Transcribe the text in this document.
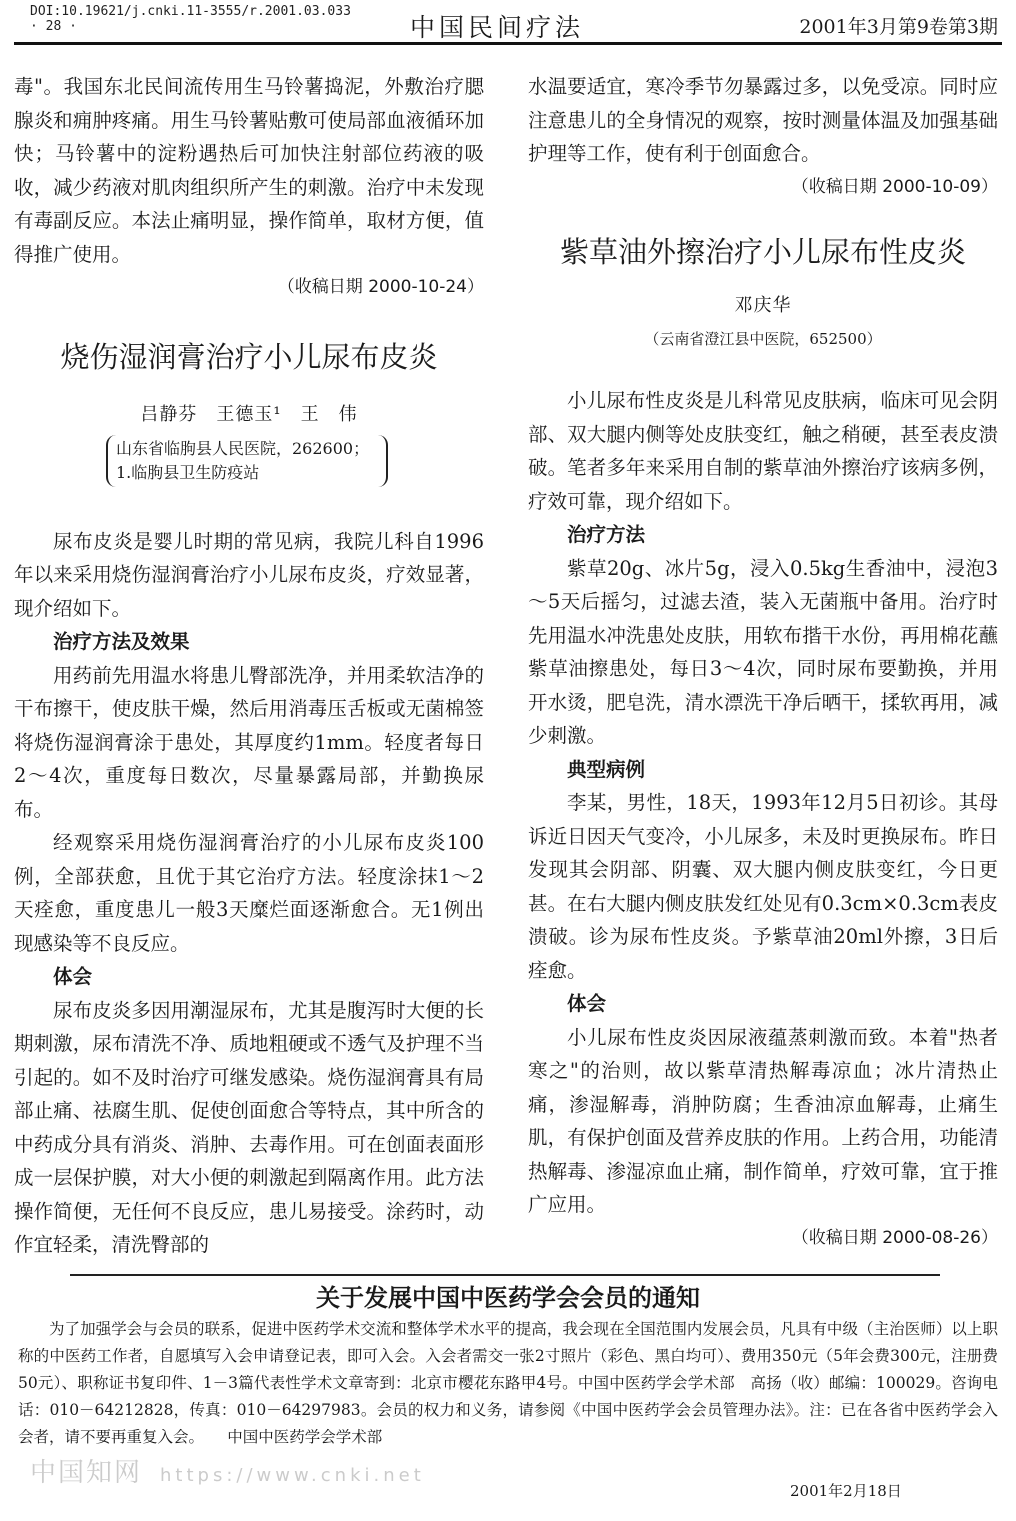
DOI:10.19621/j.cnki.11-3555/r.2001.03.033
· 28 ·	中国民间疗法	2001年3月第9卷第3期

毒"。我国东北民间流传用生马铃薯捣泥，外敷治疗腮腺炎和痈肿疼痛。用生马铃薯贴敷可使局部血液循环加快；马铃薯中的淀粉遇热后可加快注射部位药液的吸收，减少药液对肌肉组织所产生的刺激。治疗中未发现有毒副反应。本法止痛明显，操作简单，取材方便，值得推广使用。

（收稿日期 2000-10-24）

烧伤湿润膏治疗小儿尿布皮炎
吕静芬　王德玉¹　王　伟
山东省临朐县人民医院，262600；
1.临朐县卫生防疫站

尿布皮炎是婴儿时期的常见病，我院儿科自1996年以来采用烧伤湿润膏治疗小儿尿布皮炎，疗效显著，现介绍如下。

治疗方法及效果

用药前先用温水将患儿臀部洗净，并用柔软洁净的干布擦干，使皮肤干燥，然后用消毒压舌板或无菌棉签将烧伤湿润膏涂于患处，其厚度约1mm。轻度者每日2～4次，重度每日数次，尽量暴露局部，并勤换尿布。

经观察采用烧伤湿润膏治疗的小儿尿布皮炎100例，全部获愈，且优于其它治疗方法。轻度涂抹1～2天痊愈，重度患儿一般3天糜烂面逐渐愈合。无1例出现感染等不良反应。

体会

尿布皮炎多因用潮湿尿布，尤其是腹泻时大便的长期刺激，尿布清洗不净、质地粗硬或不透气及护理不当引起的。如不及时治疗可继发感染。烧伤湿润膏具有局部止痛、祛腐生肌、促使创面愈合等特点，其中所含的中药成分具有消炎、消肿、去毒作用。可在创面表面形成一层保护膜，对大小便的刺激起到隔离作用。此方法操作简便，无任何不良反应，患儿易接受。涂药时，动作宜轻柔，清洗臀部的

水温要适宜，寒冷季节勿暴露过多，以免受凉。同时应注意患儿的全身情况的观察，按时测量体温及加强基础护理等工作，使有利于创面愈合。

（收稿日期 2000-10-09）

紫草油外擦治疗小儿尿布性皮炎
邓庆华
（云南省澄江县中医院，652500）

小儿尿布性皮炎是儿科常见皮肤病，临床可见会阴部、双大腿内侧等处皮肤变红，触之稍硬，甚至表皮溃破。笔者多年来采用自制的紫草油外擦治疗该病多例，疗效可靠，现介绍如下。

治疗方法

紫草20g、冰片5g，浸入0.5kg生香油中，浸泡3～5天后摇匀，过滤去渣，装入无菌瓶中备用。治疗时先用温水冲洗患处皮肤，用软布揩干水份，再用棉花蘸紫草油擦患处，每日3～4次，同时尿布要勤换，并用开水烫，肥皂洗，清水漂洗干净后晒干，揉软再用，减少刺激。

典型病例

李某，男性，18天，1993年12月5日初诊。其母诉近日因天气变冷，小儿尿多，未及时更换尿布。昨日发现其会阴部、阴囊、双大腿内侧皮肤变红，今日更甚。在右大腿内侧皮肤发红处见有0.3cm×0.3cm表皮溃破。诊为尿布性皮炎。予紫草油20ml外擦，3日后痊愈。

体会

小儿尿布性皮炎因尿液蕴蒸刺激而致。本着"热者寒之"的治则，故以紫草清热解毒凉血；冰片清热止痛，渗湿解毒，消肿防腐；生香油凉血解毒，止痛生肌，有保护创面及营养皮肤的作用。上药合用，功能清热解毒、渗湿凉血止痛，制作简单，疗效可靠，宜于推广应用。

（收稿日期 2000-08-26）

关于发展中国中医药学会会员的通知
为了加强学会与会员的联系，促进中医药学术交流和整体学术水平的提高，我会现在全国范围内发展会员，凡具有中级（主治医师）以上职称的中医药工作者，自愿填写入会申请登记表，即可入会。入会者需交一张2寸照片（彩色、黑白均可）、费用350元（5年会费300元，注册费50元）、职称证书复印件、1－3篇代表性学术文章寄到：北京市樱花东路甲4号。中国中医药学会学术部　高扬（收）邮编：100029。咨询电话：010－64212828，传真：010－64297983。会员的权力和义务，请参阅《中国中医药学会会员管理办法》。注：已在各省中医药学会入会者，请不要再重复入会。　　中国中医药学会学术部
2001年2月18日
中国知网 https://www.cnki.net
